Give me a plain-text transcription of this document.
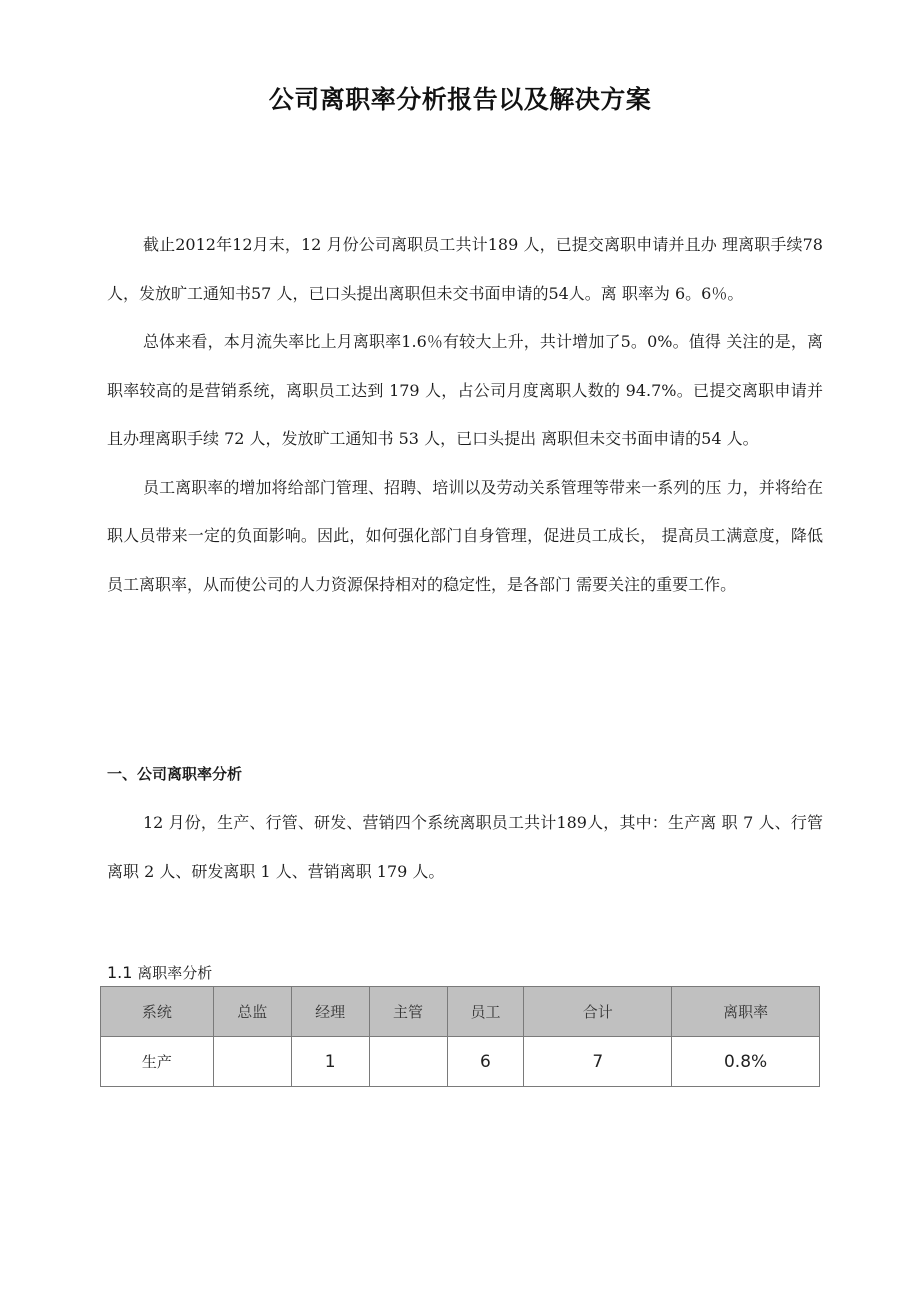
公司离职率分析报告以及解决方案

截止2012年12月末，12 月份公司离职员工共计189 人，已提交离职申请并且办 理离职手续78人，发放旷工通知书57 人，已口头提出离职但未交书面申请的54人。离 职率为 6。6％。

总体来看，本月流失率比上月离职率1.6％有较大上升，共计增加了5。0%。值得 关注的是，离职率较高的是营销系统，离职员工达到 179 人，占公司月度离职人数的 94.7%。已提交离职申请并且办理离职手续 72 人，发放旷工通知书 53 人，已口头提出 离职但未交书面申请的54 人。

员工离职率的增加将给部门管理、招聘、培训以及劳动关系管理等带来一系列的压 力，并将给在职人员带来一定的负面影响。因此，如何强化部门自身管理，促进员工成长， 提高员工满意度，降低员工离职率，从而使公司的人力资源保持相对的稳定性，是各部门 需要关注的重要工作。

一、公司离职率分析

12 月份，生产、行管、研发、营销四个系统离职员工共计189人，其中：生产离 职 7 人、行管离职 2 人、研发离职 1 人、营销离职 179 人。

1.1 离职率分析

系统	总监	经理	主管	员工	合计	离职率
生产		1		6	7	0.8%
